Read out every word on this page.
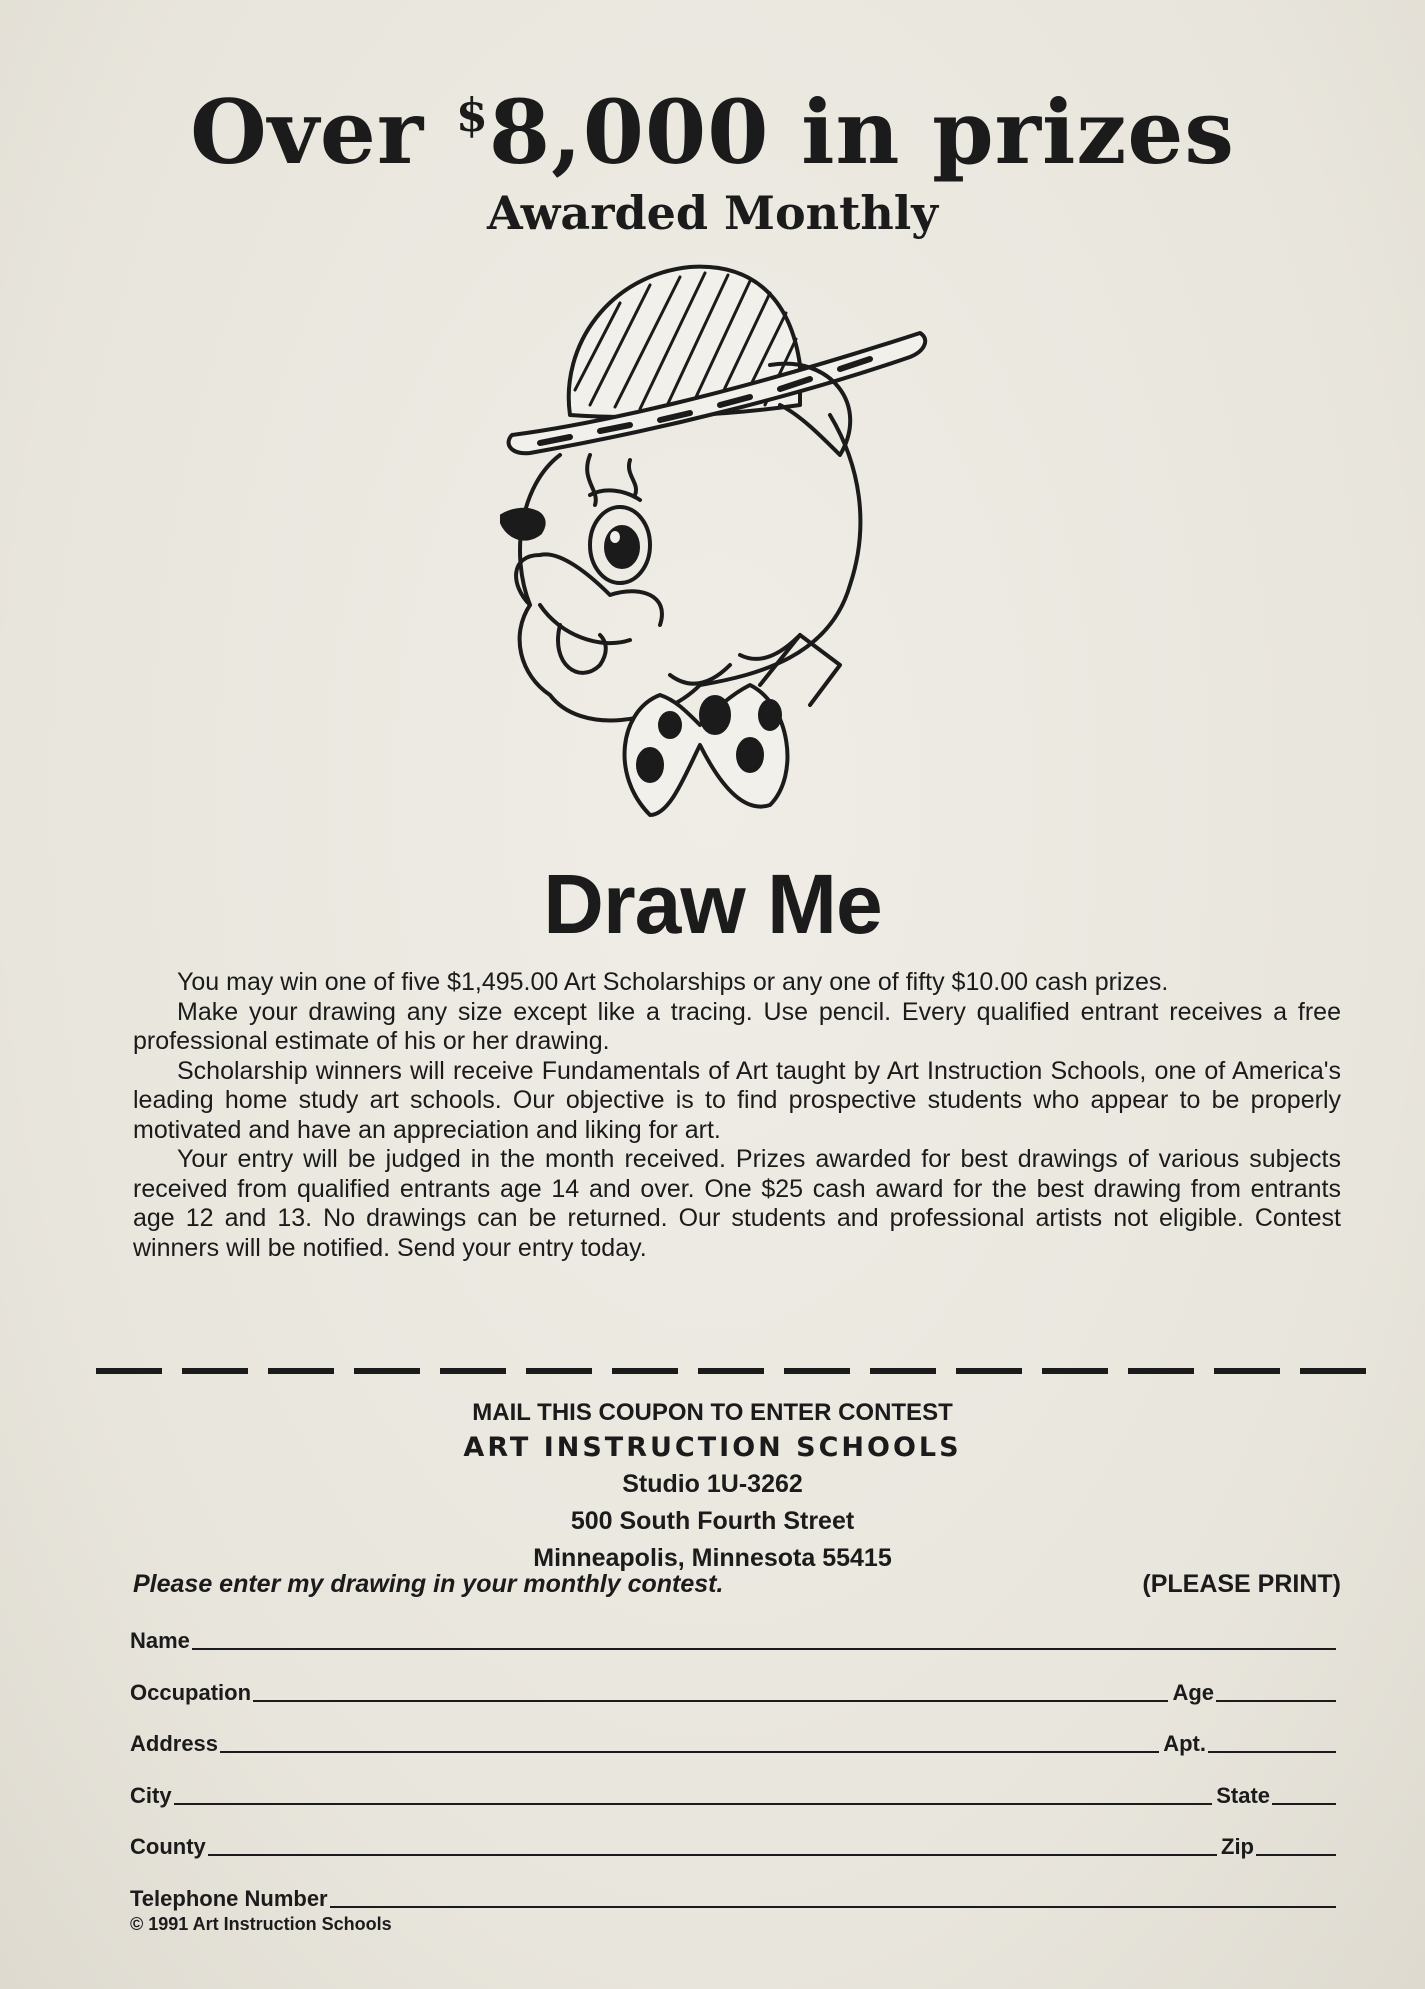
Over $8,000 in prizes
Awarded Monthly
Draw Me

You may win one of five $1,495.00 Art Scholarships or any one of fifty $10.00 cash prizes.

Make your drawing any size except like a tracing. Use pencil. Every qualified entrant receives a free professional estimate of his or her drawing.

Scholarship winners will receive Fundamentals of Art taught by Art Instruction Schools, one of America's leading home study art schools. Our objective is to find prospective students who appear to be properly motivated and have an appreciation and liking for art.

Your entry will be judged in the month received. Prizes awarded for best drawings of various subjects received from qualified entrants age 14 and over. One $25 cash award for the best drawing from entrants age 12 and 13. No drawings can be returned. Our students and professional artists not eligible. Contest winners will be notified. Send your entry today.

MAIL THIS COUPON TO ENTER CONTEST
ART INSTRUCTION SCHOOLS
Studio 1U-3262
500 South Fourth Street
Minneapolis, Minnesota 55415
Please enter my drawing in your monthly contest.	(PLEASE PRINT)
Name
Occupation	Age
Address	Apt.
City	State
County	Zip
Telephone Number
© 1991 Art Instruction Schools
